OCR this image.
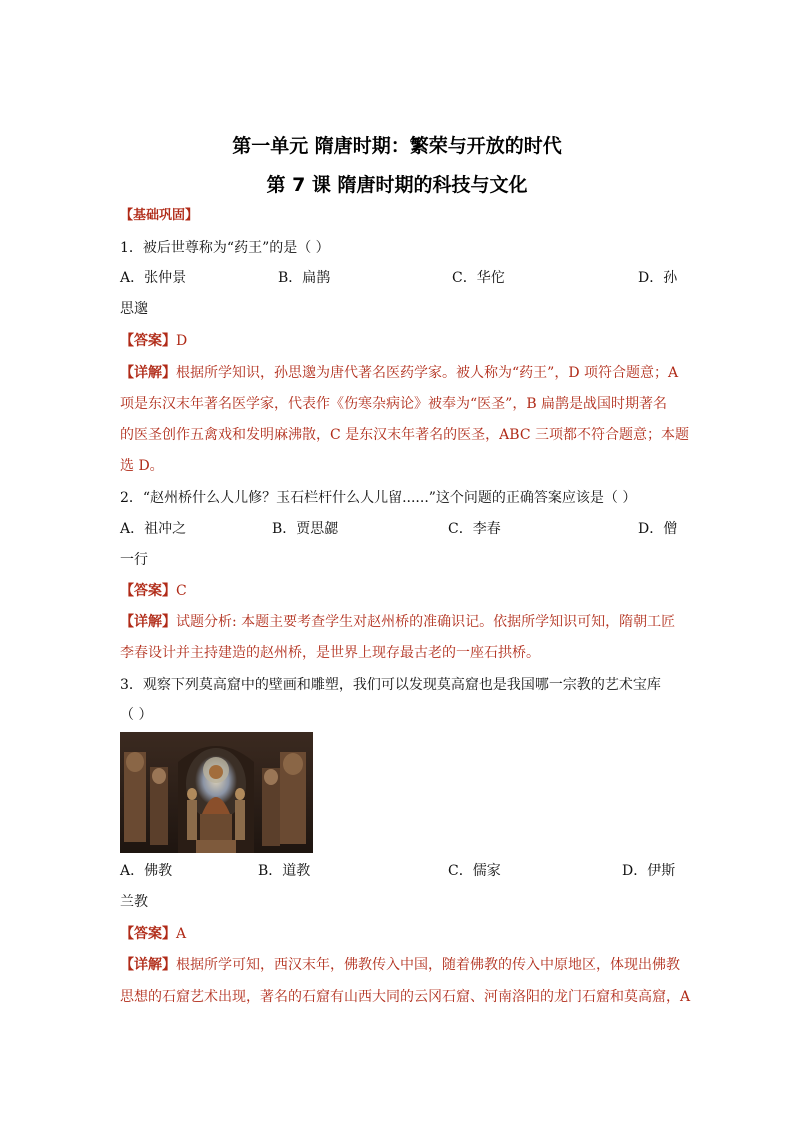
第一单元 隋唐时期：繁荣与开放的时代
第 7 课 隋唐时期的科技与文化
【基础巩固】
1．被后世尊称为“药王”的是（ ）
A．张仲景	B．扁鹊	C．华佗	D．孙
思邈
【答案】D
【详解】根据所学知识，孙思邈为唐代著名医药学家。被人称为“药王”，D 项符合题意；A
项是东汉末年著名医学家，代表作《伤寒杂病论》被奉为“医圣”，B 扁鹊是战国时期著名
的医圣创作五禽戏和发明麻沸散，C 是东汉末年著名的医圣，ABC 三项都不符合题意；本题
选 D。
2．“赵州桥什么人儿修？玉石栏杆什么人儿留......”这个问题的正确答案应该是（ ）
A．祖冲之	B．贾思勰	C．李春	D．僧
一行
【答案】C
【详解】试题分析: 本题主要考查学生对赵州桥的准确识记。依据所学知识可知，隋朝工匠
李春设计并主持建造的赵州桥，是世界上现存最古老的一座石拱桥。
3．观察下列莫高窟中的壁画和雕塑，我们可以发现莫高窟也是我国哪一宗教的艺术宝库
（ ）
A．佛教	B．道教	C．儒家	D．伊斯
兰教
【答案】A
【详解】根据所学可知，西汉末年，佛教传入中国，随着佛教的传入中原地区，体现出佛教
思想的石窟艺术出现，著名的石窟有山西大同的云冈石窟、河南洛阳的龙门石窟和莫高窟，A
